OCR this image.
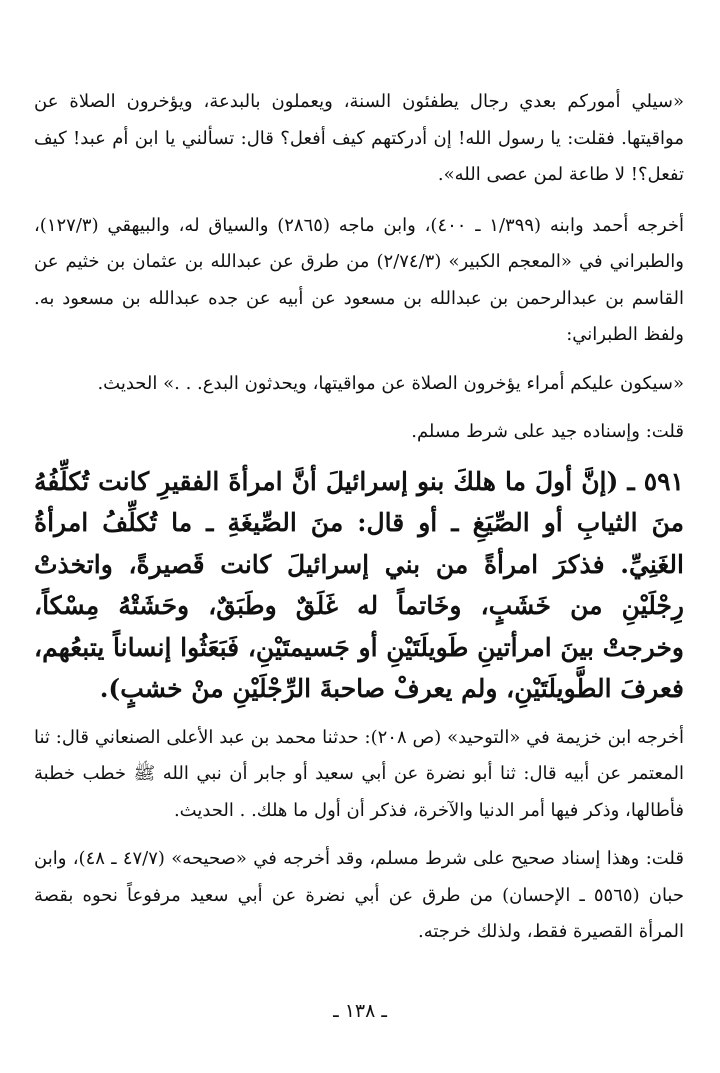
«سيلي أموركم بعدي رجال يطفئون السنة، ويعملون بالبدعة، ويؤخرون الصلاة عن مواقيتها. فقلت: يا رسول الله! إن أدركتهم كيف أفعل؟ قال: تسألني يا ابن أم عبد! كيف تفعل؟! لا طاعة لمن عصى الله».

أخرجه أحمد وابنه (١/٣٩٩ ـ ٤٠٠)، وابن ماجه (٢٨٦٥) والسياق له، والبيهقي (١٢٧/٣)، والطبراني في «المعجم الكبير» (٢/٧٤/٣) من طرق عن عبدالله بن عثمان بن خثيم عن القاسم بن عبدالرحمن بن عبدالله بن مسعود عن أبيه عن جده عبدالله بن مسعود به. ولفظ الطبراني:

«سيكون عليكم أمراء يؤخرون الصلاة عن مواقيتها، ويحدثون البدع. . .» الحديث.

قلت: وإسناده جيد على شرط مسلم.

٥٩١ ـ (إنَّ أولَ ما هلكَ بنو إسرائيلَ أنَّ امرأةَ الفقيرِ كانت تُكلِّفُهُ منَ الثيابِ أو الصِّيَغِ ـ أو قال: منَ الصِّيغَةِ ـ ما تُكلِّفُ امرأةُ الغَنِيِّ. فذكرَ امرأةً من بني إسرائيلَ كانت قَصيرةً، واتخذتْ رِجْلَيْنِ من خَشَبٍ، وخَاتماً له غَلَقٌ وطَبَقٌ، وحَشَتْهُ مِسْكاً، وخرجتْ بينَ امرأتينِ طَويلَتَيْنِ أو جَسيمتَيْنِ، فَبَعَثُوا إنساناً يتبعُهم، فعرفَ الطَّويلَتَيْنِ، ولم يعرفْ صاحبةَ الرِّجْلَيْنِ منْ خشبٍ).

أخرجه ابن خزيمة في «التوحيد» (ص ٢٠٨): حدثنا محمد بن عبد الأعلى الصنعاني قال: ثنا المعتمر عن أبيه قال: ثنا أبو نضرة عن أبي سعيد أو جابر أن نبي الله ﷺ خطب خطبة فأطالها، وذكر فيها أمر الدنيا والآخرة، فذكر أن أول ما هلك. . الحديث.

قلت: وهذا إسناد صحيح على شرط مسلم، وقد أخرجه في «صحيحه» (٤٧/٧ ـ ٤٨)، وابن حبان (٥٥٦٥ ـ الإحسان) من طرق عن أبي نضرة عن أبي سعيد مرفوعاً نحوه بقصة المرأة القصيرة فقط، ولذلك خرجته.

ـ ١٣٨ ـ
